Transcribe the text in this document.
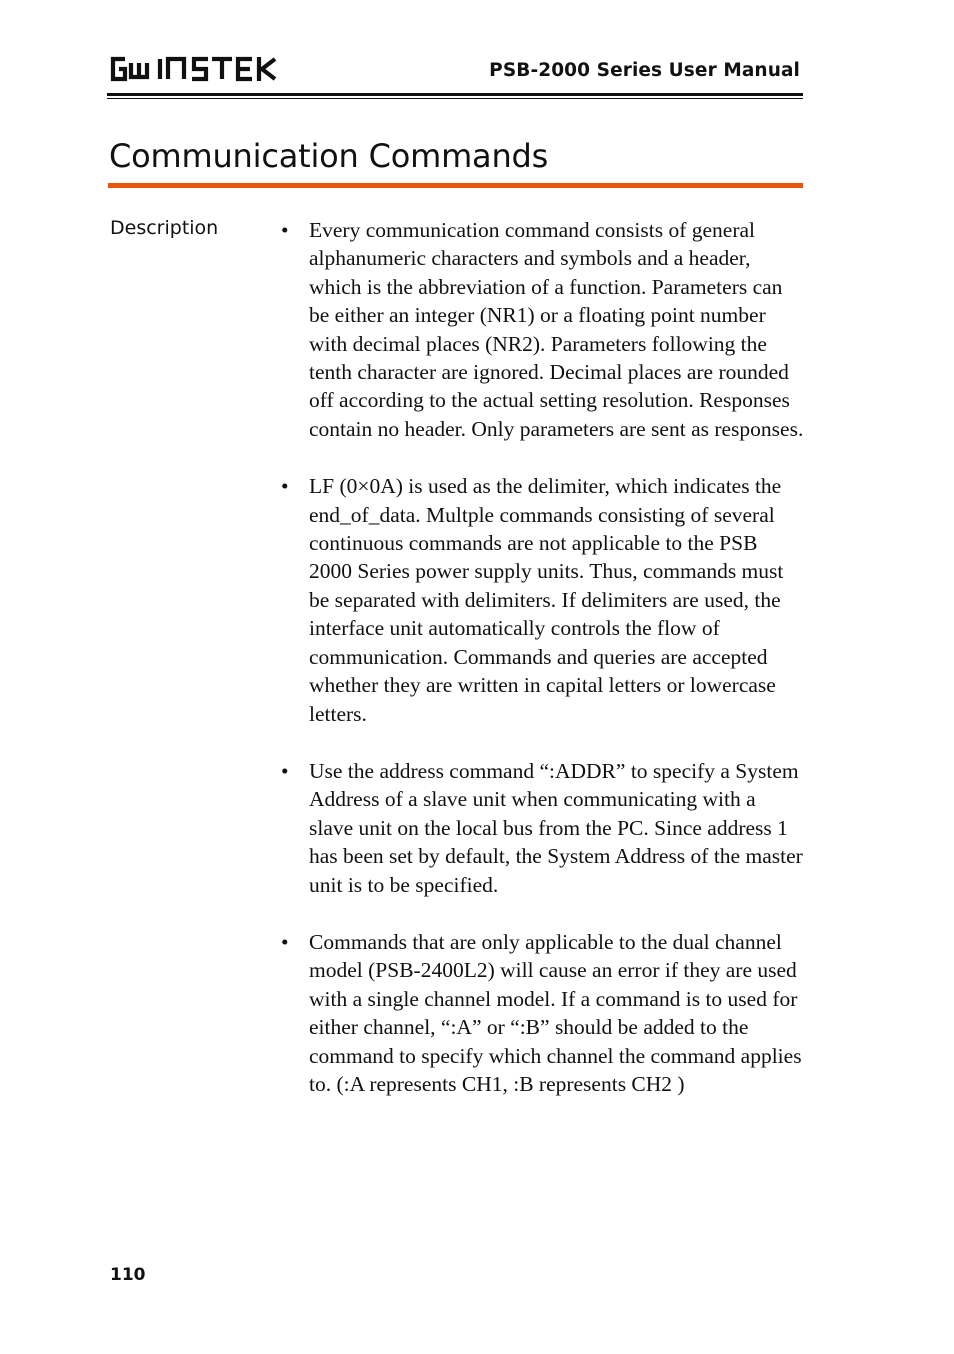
PSB-2000 Series User Manual
Communication Commands
Description	• Every communication command consists of general alphanumeric characters and symbols and a header, which is the abbreviation of a function. Parameters can be either an integer (NR1) or a floating point number with decimal places (NR2). Parameters following the tenth character are ignored. Decimal places are rounded off according to the actual setting resolution. Responses contain no header. Only parameters are sent as responses.
• LF (0×0A) is used as the delimiter, which indicates the end_of_data. Multple commands consisting of several continuous commands are not applicable to the PSB 2000 Series power supply units. Thus, commands must be separated with delimiters. If delimiters are used, the interface unit automatically controls the flow of communication. Commands and queries are accepted whether they are written in capital letters or lowercase letters.
• Use the address command “:ADDR” to specify a System Address of a slave unit when communicating with a slave unit on the local bus from the PC. Since address 1 has been set by default, the System Address of the master unit is to be specified.
• Commands that are only applicable to the dual channel model (PSB-2400L2) will cause an error if they are used with a single channel model. If a command is to used for either channel, “:A” or “:B” should be added to the command to specify which channel the command applies to. (:A represents CH1, :B represents CH2 )
110
